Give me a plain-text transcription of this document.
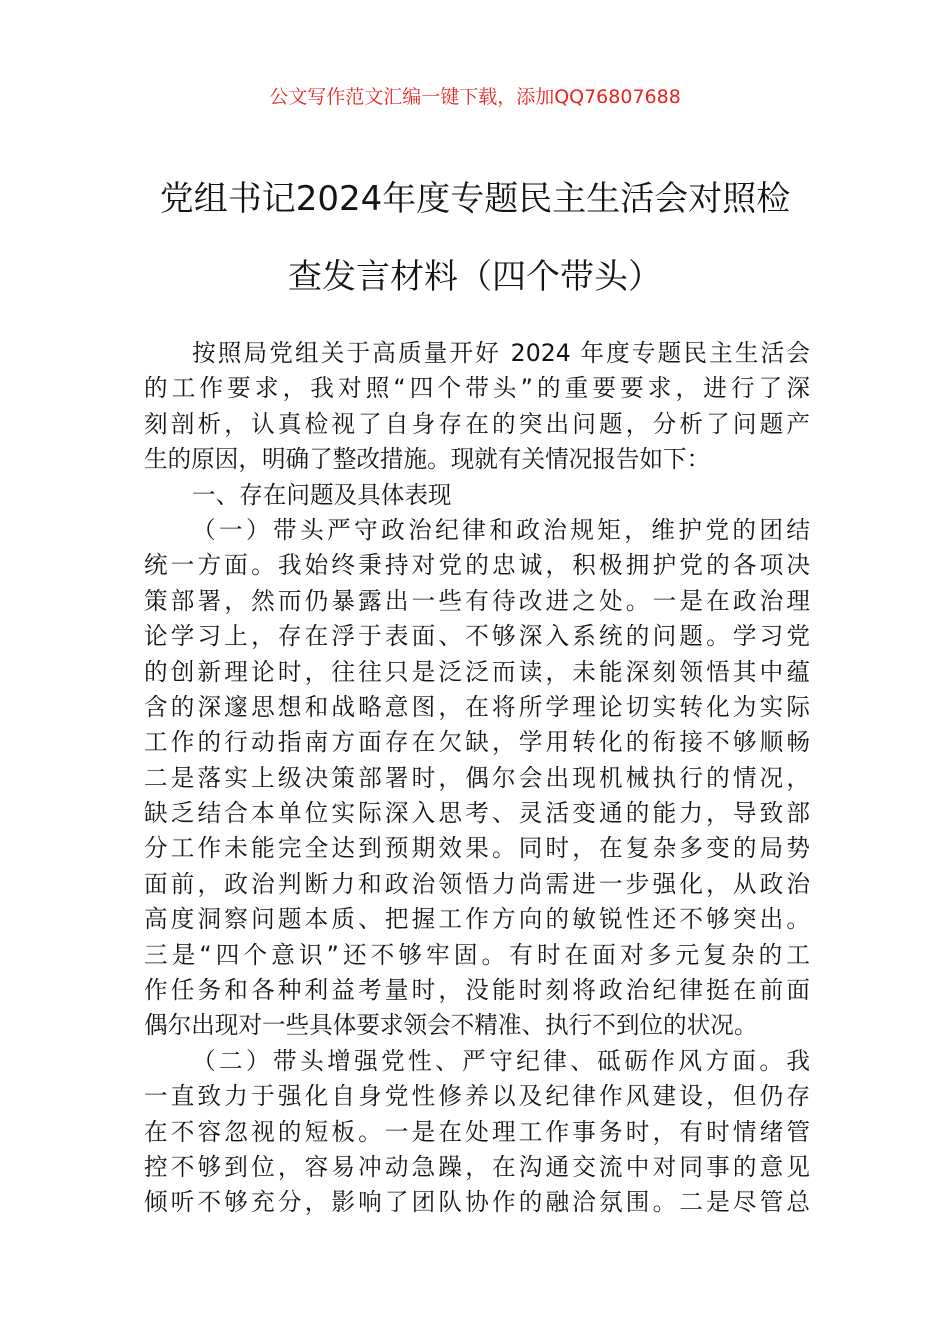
公文写作范文汇编一键下载，添加QQ76807688
党组书记2024年度专题民主生活会对照检
查发言材料（四个带头）
按照局党组关于高质量开好 2024 年度专题民主生活会
的工作要求，我对照“四个带头”的重要要求，进行了深
刻剖析，认真检视了自身存在的突出问题，分析了问题产
生的原因，明确了整改措施。现就有关情况报告如下：
一、存在问题及具体表现
（一）带头严守政治纪律和政治规矩，维护党的团结
统一方面。我始终秉持对党的忠诚，积极拥护党的各项决
策部署，然而仍暴露出一些有待改进之处。一是在政治理
论学习上，存在浮于表面、不够深入系统的问题。学习党
的创新理论时，往往只是泛泛而读，未能深刻领悟其中蕴
含的深邃思想和战略意图，在将所学理论切实转化为实际
工作的行动指南方面存在欠缺，学用转化的衔接不够顺畅
二是落实上级决策部署时，偶尔会出现机械执行的情况，
缺乏结合本单位实际深入思考、灵活变通的能力，导致部
分工作未能完全达到预期效果。同时，在复杂多变的局势
面前，政治判断力和政治领悟力尚需进一步强化，从政治
高度洞察问题本质、把握工作方向的敏锐性还不够突出。
三是“四个意识”还不够牢固。有时在面对多元复杂的工
作任务和各种利益考量时，没能时刻将政治纪律挺在前面
偶尔出现对一些具体要求领会不精准、执行不到位的状况。
（二）带头增强党性、严守纪律、砥砺作风方面。我
一直致力于强化自身党性修养以及纪律作风建设，但仍存
在不容忽视的短板。一是在处理工作事务时，有时情绪管
控不够到位，容易冲动急躁，在沟通交流中对同事的意见
倾听不够充分，影响了团队协作的融洽氛围。二是尽管总
